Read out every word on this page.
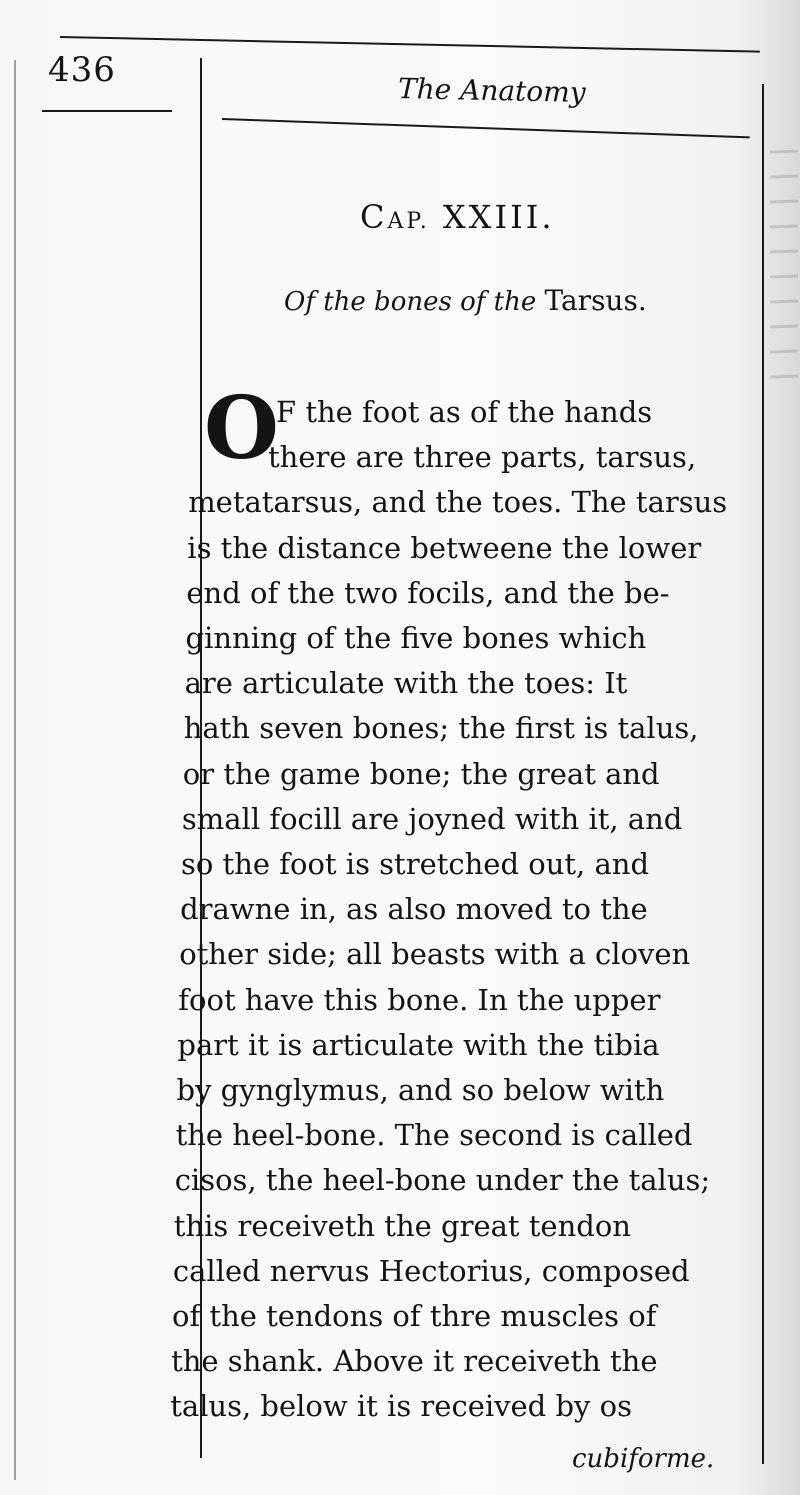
436
The Anatomy
CAP. XXIII.
Of the bones of the Tarsus.
O
F the foot as of the hands
there are three parts, tarsus,
metatarsus, and the toes. The tarsus
is the distance betweene the lower
end of the two focils, and the be-
ginning of the five bones which
are articulate with the toes: It
hath seven bones; the first is talus,
or the game bone; the great and
small focill are joyned with it, and
so the foot is stretched out, and
drawne in, as also moved to the
other side; all beasts with a cloven
foot have this bone. In the upper
part it is articulate with the tibia
by gynglymus, and so below with
the heel-bone. The second is called
cisos, the heel-bone under the talus;
this receiveth the great tendon
called nervus Hectorius, composed
of the tendons of thre muscles of
the shank. Above it receiveth the
talus, below it is received by os
cubiforme.
